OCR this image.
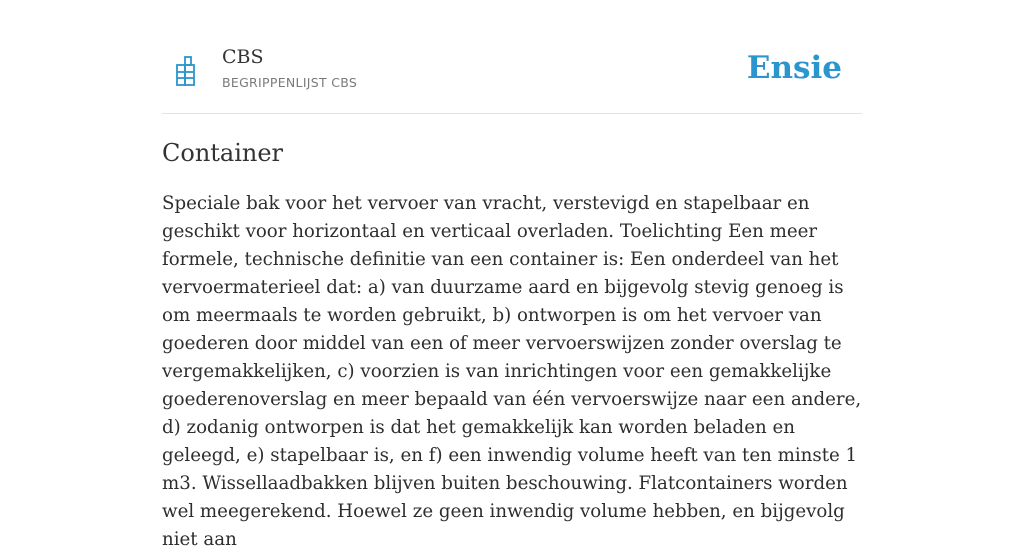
CBS
BEGRIPPENLIJST CBS	Ensie
Container

Speciale bak voor het vervoer van vracht, verstevigd en stapelbaar en geschikt voor horizontaal en verticaal overladen. Toelichting Een meer formele, technische definitie van een container is: Een onderdeel van het vervoermaterieel dat: a) van duurzame aard en bijgevolg stevig genoeg is om meermaals te worden gebruikt, b) ontworpen is om het vervoer van goederen door middel van een of meer vervoerswijzen zonder overslag te vergemakkelijken, c) voorzien is van inrichtingen voor een gemakkelijke goederenoverslag en meer bepaald van één vervoerswijze naar een andere, d) zodanig ontworpen is dat het gemakkelijk kan worden beladen en geleegd, e) stapelbaar is, en f) een inwendig volume heeft van ten minste 1 m3. Wissellaadbakken blijven buiten beschouwing. Flatcontainers worden wel meegerekend. Hoewel ze geen inwendig volume hebben, en bijgevolg niet aan
